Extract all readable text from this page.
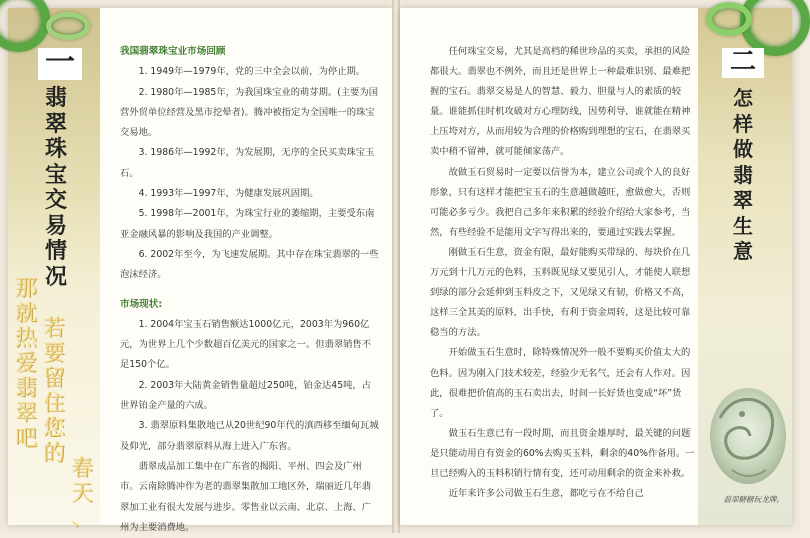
一
翡
翠
珠
宝
交
易
情
况
那
就
热
爱
翡
翠
吧
若
要
留
住
您
的
春
天
、

我国翡翠珠宝业市场回顾

1. 1949年—1979年，党的三中全会以前，为停止期。

2. 1980年—1985年，为我国珠宝业的萌芽期。(主要为国营外贸单位经营及黑市挖晕者)。腾冲被指定为全国唯一的珠宝交易地。

3. 1986年—1992年，为发展期，无序的全民买卖珠宝玉石。

4. 1993年—1997年，为健康发展巩固期。

5. 1998年—2001年，为珠宝行业的萎缩期，主要受东南亚金融风暴的影响及我国的产业调整。

6. 2002年至今，为飞速发展期。其中存在珠宝翡翠的一些泡沫经济。

市场现状:

1. 2004年宝玉石销售额达1000亿元，2003年为960亿元，为世界上几个少数超百亿美元的国家之一。但翡翠销售不足150个亿。

2. 2003年大陆黄金销售量超过250吨，铂金达45吨，占世界铂金产量的六成。

3. 翡翠原料集散地已从20世纪90年代的滇西移至缅甸瓦城及仰光，部分翡翠原料从海上进入广东省。

翡翠成品加工集中在广东省的揭阳、平州、四会及广州市。云南除腾冲作为老的翡翠集散加工地区外，瑞丽近几年翡翠加工业有很大发展与进步。零售业以云南、北京、上海、广州为主要消费地。

二
怎
样
做
翡
翠
生
意

任何珠宝交易，尤其是高档的稀世珍品的买卖，承担的风险都很大。翡翠也不例外，而且还是世界上一种最难识别、最难把握的宝石。翡翠交易是人的智慧、毅力、胆量与人的素质的较量。谁能抓住时机攻破对方心理防线，因势利导，谁就能在精神上压垮对方，从而用较为合理的价格购到理想的宝石，在翡翠买卖中稍不留神，就可能倾家荡产。

故做玉石贸易时一定要以信誉为本，建立公司或个人的良好形象，只有这样才能把宝玉石的生意越做越旺，愈做愈大，否则可能必多亏少。我把自己多年来积累的经验介绍给大家参考，当然，有些经验不是能用文字写得出来的，要通过实践去掌握。

刚做玉石生意，资金有限，最好能购买带绿的、每块价在几万元到十几万元的色料，玉料既见绿又要见引人，才能使人联想到绿的部分会延伸到玉料皮之下，又见绿又有韧，价格又不高，这样三全其美的原料，出手快，有利于资金周转，这是比较可靠稳当的方法。

开始做玉石生意时，除特殊情况外一般不要购买价值太大的色料。因为刚入门技术较差，经验少无名气，还会有人作对。因此，很难把价值高的玉石卖出去，时间一长好货也变成“坏”货了。

做玉石生意已有一段时期，而且资金雄厚时，最关键的问题是只能动用自有资金的60%去购买玉料，剩余的40%作备用。一旦已经购入的玉料积销行情有变，还可动用剩余的资金来补救。

近年来许多公司做玉石生意，都吃亏在不给自己

翡翠糖糖玩龙牌。
